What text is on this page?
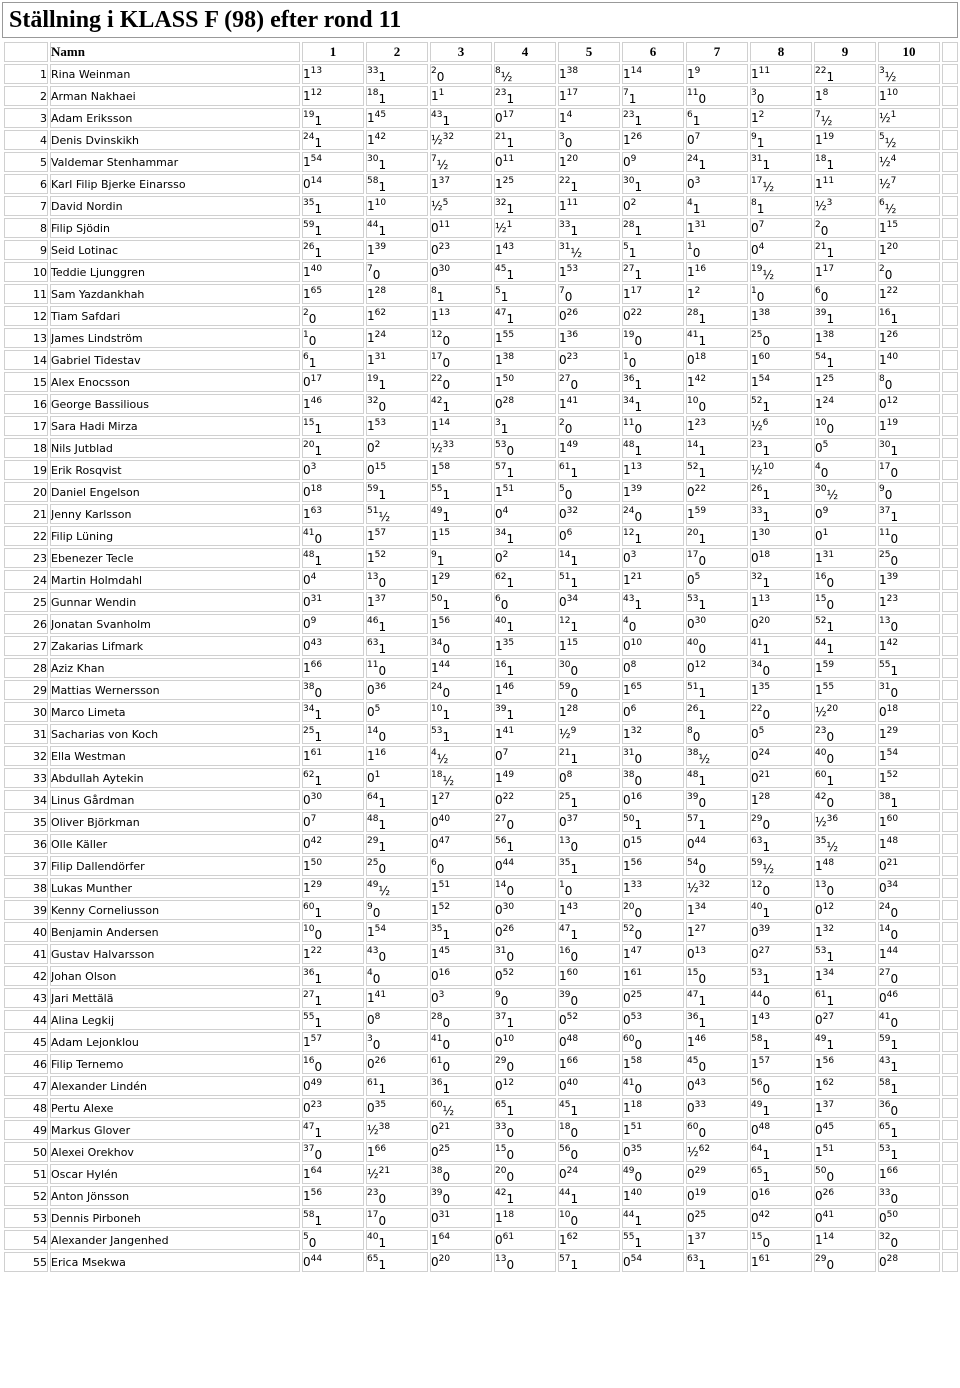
Ställning i KLASS F (98) efter rond 11
	Namn	1	2	3	4	5	6	7	8	9	10	
1	Rina Weinman	$1^{13}$	$^{33}_1$	$^2_0$	$^8_{\frac{1}{2}}$	$1^{38}$	$1^{14}$	$1^9$	$1^{11}$	$^{22}_1$	$^3_{\frac{1}{2}}$	
2	Arman Nakhaei	$1^{12}$	$^{18}_1$	$1^1$	$^{23}_1$	$1^{17}$	$^7_1$	$^{11}_0$	$^3_0$	$1^8$	$1^{10}$	
3	Adam Eriksson	$^{19}_1$	$1^{45}$	$^{43}_1$	$0^{17}$	$1^4$	$^{23}_1$	$^6_1$	$1^2$	$^7_{\frac{1}{2}}$	½$^1$	
4	Denis Dvinskikh	$^{24}_1$	$1^{42}$	½$^{32}$	$^{21}_1$	$^3_0$	$1^{26}$	$0^7$	$^9_1$	$1^{19}$	$^5_{\frac{1}{2}}$	
5	Valdemar Stenhammar	$1^{54}$	$^{30}_1$	$^7_{\frac{1}{2}}$	$0^{11}$	$1^{20}$	$0^9$	$^{24}_1$	$^{31}_1$	$^{18}_1$	½$^4$	
6	Karl Filip Bjerke Einarsso	$0^{14}$	$^{58}_1$	$1^{37}$	$1^{25}$	$^{22}_1$	$^{30}_1$	$0^3$	$^{17}_{\frac{1}{2}}$	$1^{11}$	½$^7$	
7	David Nordin	$^{35}_1$	$1^{10}$	½$^5$	$^{32}_1$	$1^{11}$	$0^2$	$^4_1$	$^8_1$	½$^3$	$^6_{\frac{1}{2}}$	
8	Filip Sjödin	$^{59}_1$	$^{44}_1$	$0^{11}$	½$^1$	$^{33}_1$	$^{28}_1$	$1^{31}$	$0^7$	$^2_0$	$1^{15}$	
9	Seid Lotinac	$^{26}_1$	$1^{39}$	$0^{23}$	$1^{43}$	$^{31}_{\frac{1}{2}}$	$^5_1$	$^1_0$	$0^4$	$^{21}_1$	$1^{20}$	
10	Teddie Ljunggren	$1^{40}$	$^7_0$	$0^{30}$	$^{45}_1$	$1^{53}$	$^{27}_1$	$1^{16}$	$^{19}_{\frac{1}{2}}$	$1^{17}$	$^2_0$	
11	Sam Yazdankhah	$1^{65}$	$1^{28}$	$^8_1$	$^5_1$	$^7_0$	$1^{17}$	$1^2$	$^1_0$	$^6_0$	$1^{22}$	
12	Tiam Safdari	$^2_0$	$1^{62}$	$1^{13}$	$^{47}_1$	$0^{26}$	$0^{22}$	$^{28}_1$	$1^{38}$	$^{39}_1$	$^{16}_1$	
13	James Lindström	$^1_0$	$1^{24}$	$^{12}_0$	$1^{55}$	$1^{36}$	$^{19}_0$	$^{41}_1$	$^{25}_0$	$1^{38}$	$1^{26}$	
14	Gabriel Tidestav	$^6_1$	$1^{31}$	$^{17}_0$	$1^{38}$	$0^{23}$	$^1_0$	$0^{18}$	$1^{60}$	$^{54}_1$	$1^{40}$	
15	Alex Enocsson	$0^{17}$	$^{19}_1$	$^{22}_0$	$1^{50}$	$^{27}_0$	$^{36}_1$	$1^{42}$	$1^{54}$	$1^{25}$	$^8_0$	
16	George Bassilious	$1^{46}$	$^{32}_0$	$^{42}_1$	$0^{28}$	$1^{41}$	$^{34}_1$	$^{10}_0$	$^{52}_1$	$1^{24}$	$0^{12}$	
17	Sara Hadi Mirza	$^{15}_1$	$1^{53}$	$1^{14}$	$^3_1$	$^2_0$	$^{11}_0$	$1^{23}$	½$^6$	$^{10}_0$	$1^{19}$	
18	Nils Jutblad	$^{20}_1$	$0^2$	½$^{33}$	$^{53}_0$	$1^{49}$	$^{48}_1$	$^{14}_1$	$^{23}_1$	$0^5$	$^{30}_1$	
19	Erik Rosqvist	$0^3$	$0^{15}$	$1^{58}$	$^{57}_1$	$^{61}_1$	$1^{13}$	$^{52}_1$	½$^{10}$	$^4_0$	$^{17}_0$	
20	Daniel Engelson	$0^{18}$	$^{59}_1$	$^{55}_1$	$1^{51}$	$^5_0$	$1^{39}$	$0^{22}$	$^{26}_1$	$^{30}_{\frac{1}{2}}$	$^9_0$	
21	Jenny Karlsson	$1^{63}$	$^{51}_{\frac{1}{2}}$	$^{49}_1$	$0^4$	$0^{32}$	$^{24}_0$	$1^{59}$	$^{33}_1$	$0^9$	$^{37}_1$	
22	Filip Lüning	$^{41}_0$	$1^{57}$	$1^{15}$	$^{34}_1$	$0^6$	$^{12}_1$	$^{20}_1$	$1^{30}$	$0^1$	$^{11}_0$	
23	Ebenezer Tecle	$^{48}_1$	$1^{52}$	$^9_1$	$0^2$	$^{14}_1$	$0^3$	$^{17}_0$	$0^{18}$	$1^{31}$	$^{25}_0$	
24	Martin Holmdahl	$0^4$	$^{13}_0$	$1^{29}$	$^{62}_1$	$^{51}_1$	$1^{21}$	$0^5$	$^{32}_1$	$^{16}_0$	$1^{39}$	
25	Gunnar Wendin	$0^{31}$	$1^{37}$	$^{50}_1$	$^6_0$	$0^{34}$	$^{43}_1$	$^{53}_1$	$1^{13}$	$^{15}_0$	$1^{23}$	
26	Jonatan Svanholm	$0^9$	$^{46}_1$	$1^{56}$	$^{40}_1$	$^{12}_1$	$^4_0$	$0^{30}$	$0^{20}$	$^{52}_1$	$^{13}_0$	
27	Zakarias Lifmark	$0^{43}$	$^{63}_1$	$^{34}_0$	$1^{35}$	$1^{15}$	$0^{10}$	$^{40}_0$	$^{41}_1$	$^{44}_1$	$1^{42}$	
28	Aziz Khan	$1^{66}$	$^{11}_0$	$1^{44}$	$^{16}_1$	$^{30}_0$	$0^8$	$0^{12}$	$^{34}_0$	$1^{59}$	$^{55}_1$	
29	Mattias Wernersson	$^{38}_0$	$0^{36}$	$^{24}_0$	$1^{46}$	$^{59}_0$	$1^{65}$	$^{51}_1$	$1^{35}$	$1^{55}$	$^{31}_0$	
30	Marco Limeta	$^{34}_1$	$0^5$	$^{10}_1$	$^{39}_1$	$1^{28}$	$0^6$	$^{26}_1$	$^{22}_0$	½$^{20}$	$0^{18}$	
31	Sacharias von Koch	$^{25}_1$	$^{14}_0$	$^{53}_1$	$1^{41}$	½$^9$	$1^{32}$	$^8_0$	$0^5$	$^{23}_0$	$1^{29}$	
32	Ella Westman	$1^{61}$	$1^{16}$	$^4_{\frac{1}{2}}$	$0^7$	$^{21}_1$	$^{31}_0$	$^{38}_{\frac{1}{2}}$	$0^{24}$	$^{40}_0$	$1^{54}$	
33	Abdullah Aytekin	$^{62}_1$	$0^1$	$^{18}_{\frac{1}{2}}$	$1^{49}$	$0^8$	$^{38}_0$	$^{48}_1$	$0^{21}$	$^{60}_1$	$1^{52}$	
34	Linus Gårdman	$0^{30}$	$^{64}_1$	$1^{27}$	$0^{22}$	$^{25}_1$	$0^{16}$	$^{39}_0$	$1^{28}$	$^{42}_0$	$^{38}_1$	
35	Oliver Björkman	$0^7$	$^{48}_1$	$0^{40}$	$^{27}_0$	$0^{37}$	$^{50}_1$	$^{57}_1$	$^{29}_0$	½$^{36}$	$1^{60}$	
36	Olle Käller	$0^{42}$	$^{29}_1$	$0^{47}$	$^{56}_1$	$^{13}_0$	$0^{15}$	$0^{44}$	$^{63}_1$	$^{35}_{\frac{1}{2}}$	$1^{48}$	
37	Filip Dallendörfer	$1^{50}$	$^{25}_0$	$^6_0$	$0^{44}$	$^{35}_1$	$1^{56}$	$^{54}_0$	$^{59}_{\frac{1}{2}}$	$1^{48}$	$0^{21}$	
38	Lukas Munther	$1^{29}$	$^{49}_{\frac{1}{2}}$	$1^{51}$	$^{14}_0$	$^1_0$	$1^{33}$	½$^{32}$	$^{12}_0$	$^{13}_0$	$0^{34}$	
39	Kenny Corneliusson	$^{60}_1$	$^9_0$	$1^{52}$	$0^{30}$	$1^{43}$	$^{20}_0$	$1^{34}$	$^{40}_1$	$0^{12}$	$^{24}_0$	
40	Benjamin Andersen	$^{10}_0$	$1^{54}$	$^{35}_1$	$0^{26}$	$^{47}_1$	$^{52}_0$	$1^{27}$	$0^{39}$	$1^{32}$	$^{14}_0$	
41	Gustav Halvarsson	$1^{22}$	$^{43}_0$	$1^{45}$	$^{31}_0$	$^{16}_0$	$1^{47}$	$0^{13}$	$0^{27}$	$^{53}_1$	$1^{44}$	
42	Johan Olson	$^{36}_1$	$^4_0$	$0^{16}$	$0^{52}$	$1^{60}$	$1^{61}$	$^{15}_0$	$^{53}_1$	$1^{34}$	$^{27}_0$	
43	Jari Mettälä	$^{27}_1$	$1^{41}$	$0^3$	$^9_0$	$^{39}_0$	$0^{25}$	$^{47}_1$	$^{44}_0$	$^{61}_1$	$0^{46}$	
44	Alina Legkij	$^{55}_1$	$0^8$	$^{28}_0$	$^{37}_1$	$0^{52}$	$0^{53}$	$^{36}_1$	$1^{43}$	$0^{27}$	$^{41}_0$	
45	Adam Lejonklou	$1^{57}$	$^3_0$	$^{41}_0$	$0^{10}$	$0^{48}$	$^{60}_0$	$1^{46}$	$^{58}_1$	$^{49}_1$	$^{59}_1$	
46	Filip Ternemo	$^{16}_0$	$0^{26}$	$^{61}_0$	$^{29}_0$	$1^{66}$	$1^{58}$	$^{45}_0$	$1^{57}$	$1^{56}$	$^{43}_1$	
47	Alexander Lindén	$0^{49}$	$^{61}_1$	$^{36}_1$	$0^{12}$	$0^{40}$	$^{41}_0$	$0^{43}$	$^{56}_0$	$1^{62}$	$^{58}_1$	
48	Pertu Alexe	$0^{23}$	$0^{35}$	$^{60}_{\frac{1}{2}}$	$^{65}_1$	$^{45}_1$	$1^{18}$	$0^{33}$	$^{49}_1$	$1^{37}$	$^{36}_0$	
49	Markus Glover	$^{47}_1$	½$^{38}$	$0^{21}$	$^{33}_0$	$^{18}_0$	$1^{51}$	$^{60}_0$	$0^{48}$	$0^{45}$	$^{65}_1$	
50	Alexei Orekhov	$^{37}_0$	$1^{66}$	$0^{25}$	$^{15}_0$	$^{56}_0$	$0^{35}$	½$^{62}$	$^{64}_1$	$1^{51}$	$^{53}_1$	
51	Oscar Hylén	$1^{64}$	½$^{21}$	$^{38}_0$	$^{20}_0$	$0^{24}$	$^{49}_0$	$0^{29}$	$^{65}_1$	$^{50}_0$	$1^{66}$	
52	Anton Jönsson	$1^{56}$	$^{23}_0$	$^{39}_0$	$^{42}_1$	$^{44}_1$	$1^{40}$	$0^{19}$	$0^{16}$	$0^{26}$	$^{33}_0$	
53	Dennis Pirboneh	$^{58}_1$	$^{17}_0$	$0^{31}$	$1^{18}$	$^{10}_0$	$^{44}_1$	$0^{25}$	$0^{42}$	$0^{41}$	$0^{50}$	
54	Alexander Jangenhed	$^5_0$	$^{40}_1$	$1^{64}$	$0^{61}$	$1^{62}$	$^{55}_1$	$1^{37}$	$^{15}_0$	$1^{14}$	$^{32}_0$	
55	Erica Msekwa	$0^{44}$	$^{65}_1$	$0^{20}$	$^{13}_0$	$^{57}_1$	$0^{54}$	$^{63}_1$	$1^{61}$	$^{29}_0$	$0^{28}$	
